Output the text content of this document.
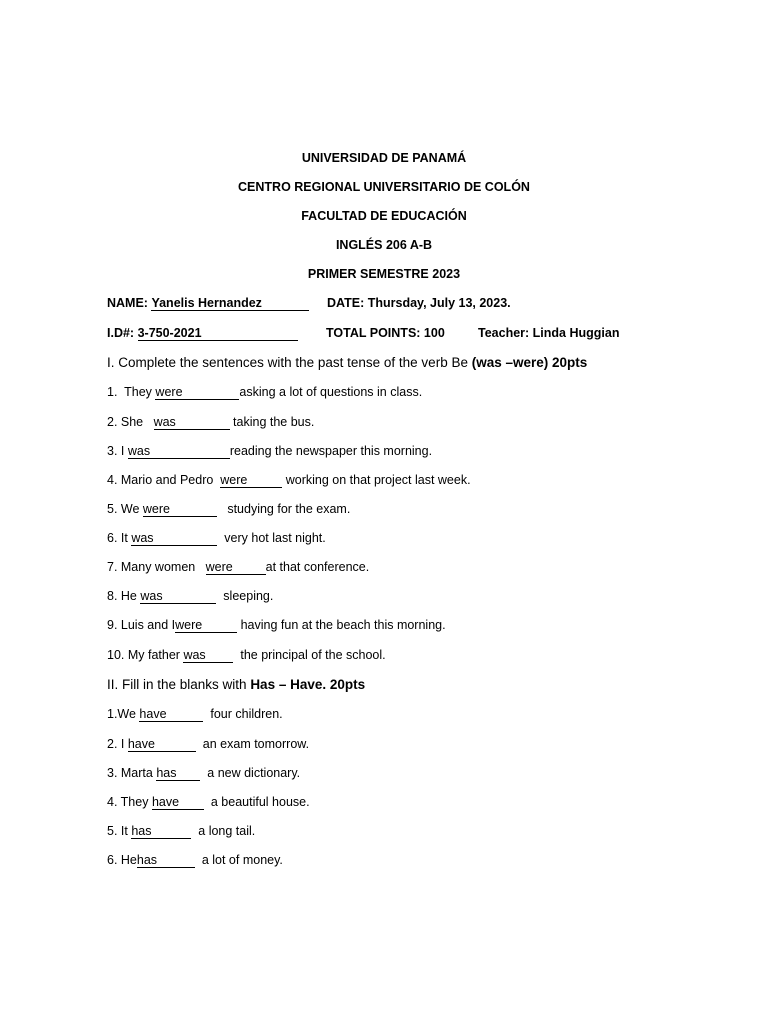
UNIVERSIDAD DE PANAMÁ
CENTRO REGIONAL UNIVERSITARIO DE COLÓN
FACULTAD DE EDUCACIÓN
INGLÉS 206 A-B
PRIMER SEMESTRE 2023
NAME: Yanelis Hernandez	DATE: Thursday, July 13, 2023.
I.D#: 3-750-2021	TOTAL POINTS: 100	Teacher: Linda Huggian
I. Complete the sentences with the past tense of the verb Be (was –were) 20pts
1.  They were	asking a lot of questions in class.
2. She   was	taking the bus.
3. I was	reading the newspaper this morning.
4. Mario and Pedro  were	working on that project last week.
5. We were	studying for the exam.
6. It was	very hot last night.
7. Many women   were	at that conference.
8. He was	sleeping.
9. Luis and Iwere	having fun at the beach this morning.
10. My father was  the principal of the school.
II. Fill in the blanks with Has – Have. 20pts
1.We have	four children.
2. I have	an exam tomorrow.
3. Marta has  a new dictionary.
4. They have  a beautiful house.
5. It has	a long tail.
6. Hehas	a lot of money.
